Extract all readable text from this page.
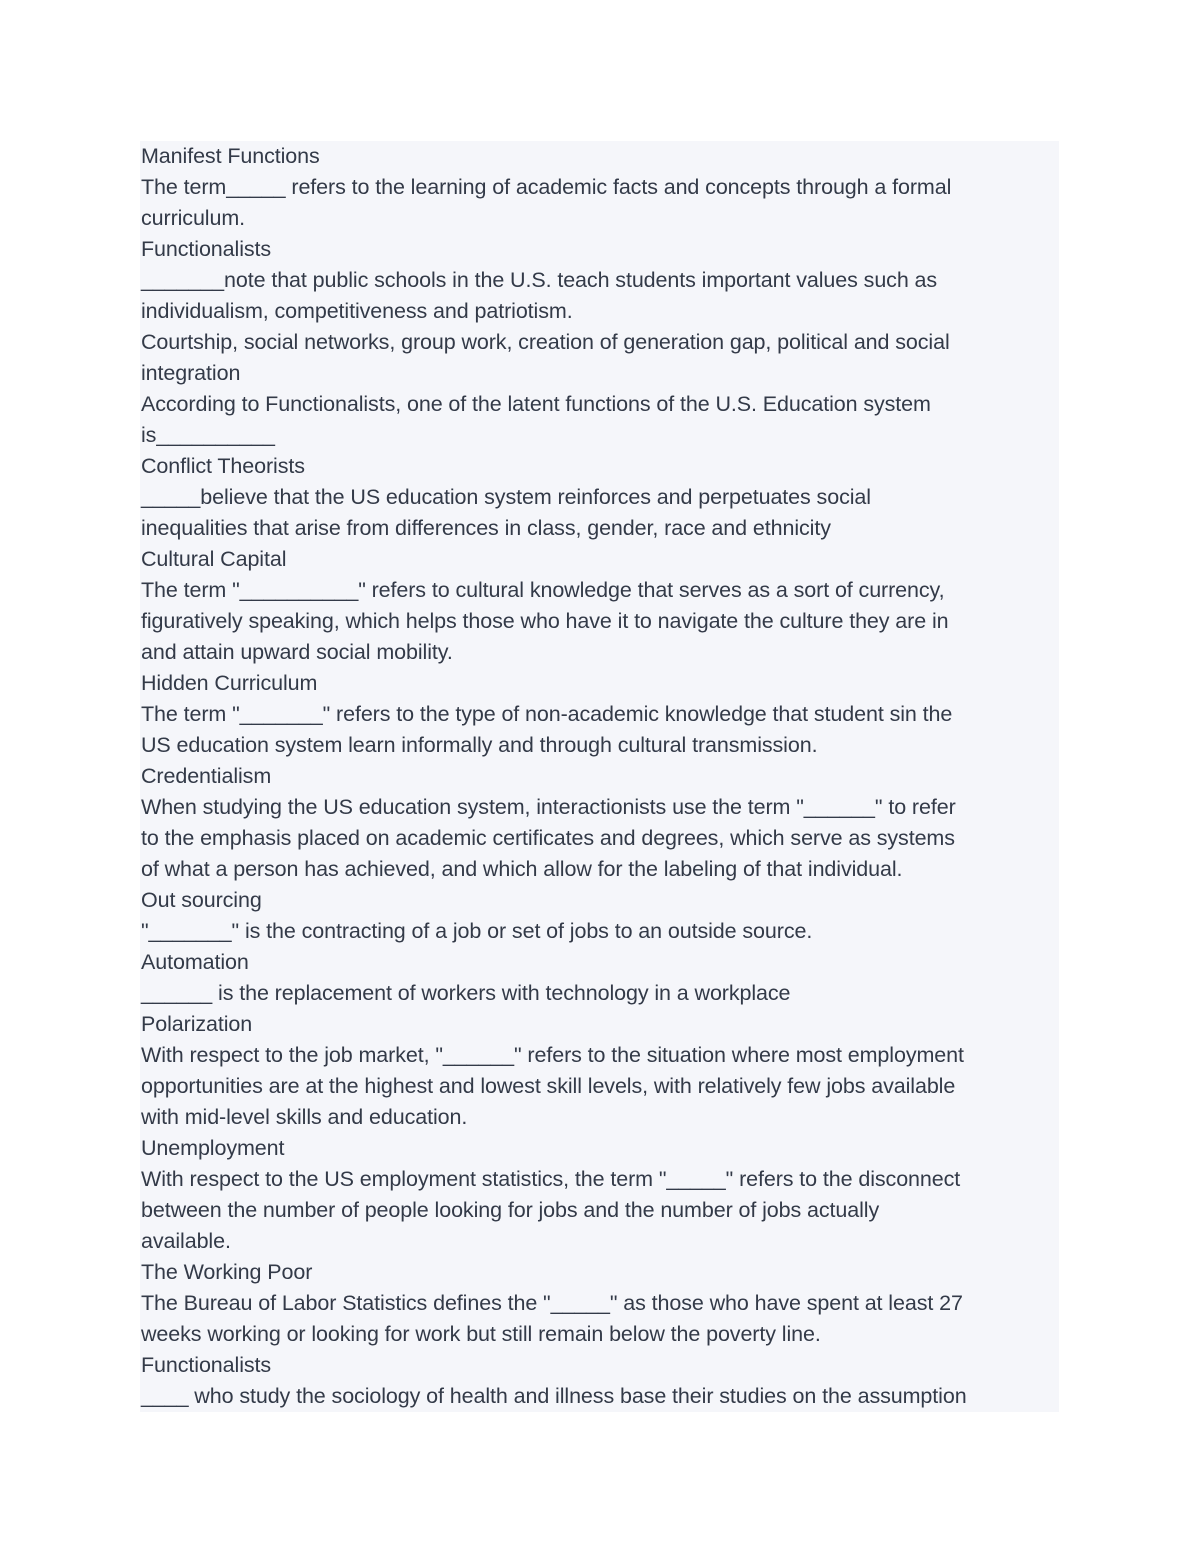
Manifest Functions
The term_____ refers to the learning of academic facts and concepts through a formal
curriculum.
Functionalists
_______note that public schools in the U.S. teach students important values such as
individualism, competitiveness and patriotism.
Courtship, social networks, group work, creation of generation gap, political and social
integration
According to Functionalists, one of the latent functions of the U.S. Education system
is__________
Conflict Theorists
_____believe that the US education system reinforces and perpetuates social
inequalities that arise from differences in class, gender, race and ethnicity
Cultural Capital
The term "__________" refers to cultural knowledge that serves as a sort of currency,
figuratively speaking, which helps those who have it to navigate the culture they are in
and attain upward social mobility.
Hidden Curriculum
The term "_______" refers to the type of non-academic knowledge that student sin the
US education system learn informally and through cultural transmission.
Credentialism
When studying the US education system, interactionists use the term "______" to refer
to the emphasis placed on academic certificates and degrees, which serve as systems
of what a person has achieved, and which allow for the labeling of that individual.
Out sourcing
"_______" is the contracting of a job or set of jobs to an outside source.
Automation
______ is the replacement of workers with technology in a workplace
Polarization
With respect to the job market, "______" refers to the situation where most employment
opportunities are at the highest and lowest skill levels, with relatively few jobs available
with mid-level skills and education.
Unemployment
With respect to the US employment statistics, the term "_____" refers to the disconnect
between the number of people looking for jobs and the number of jobs actually
available.
The Working Poor
The Bureau of Labor Statistics defines the "_____" as those who have spent at least 27
weeks working or looking for work but still remain below the poverty line.
Functionalists
____ who study the sociology of health and illness base their studies on the assumption
